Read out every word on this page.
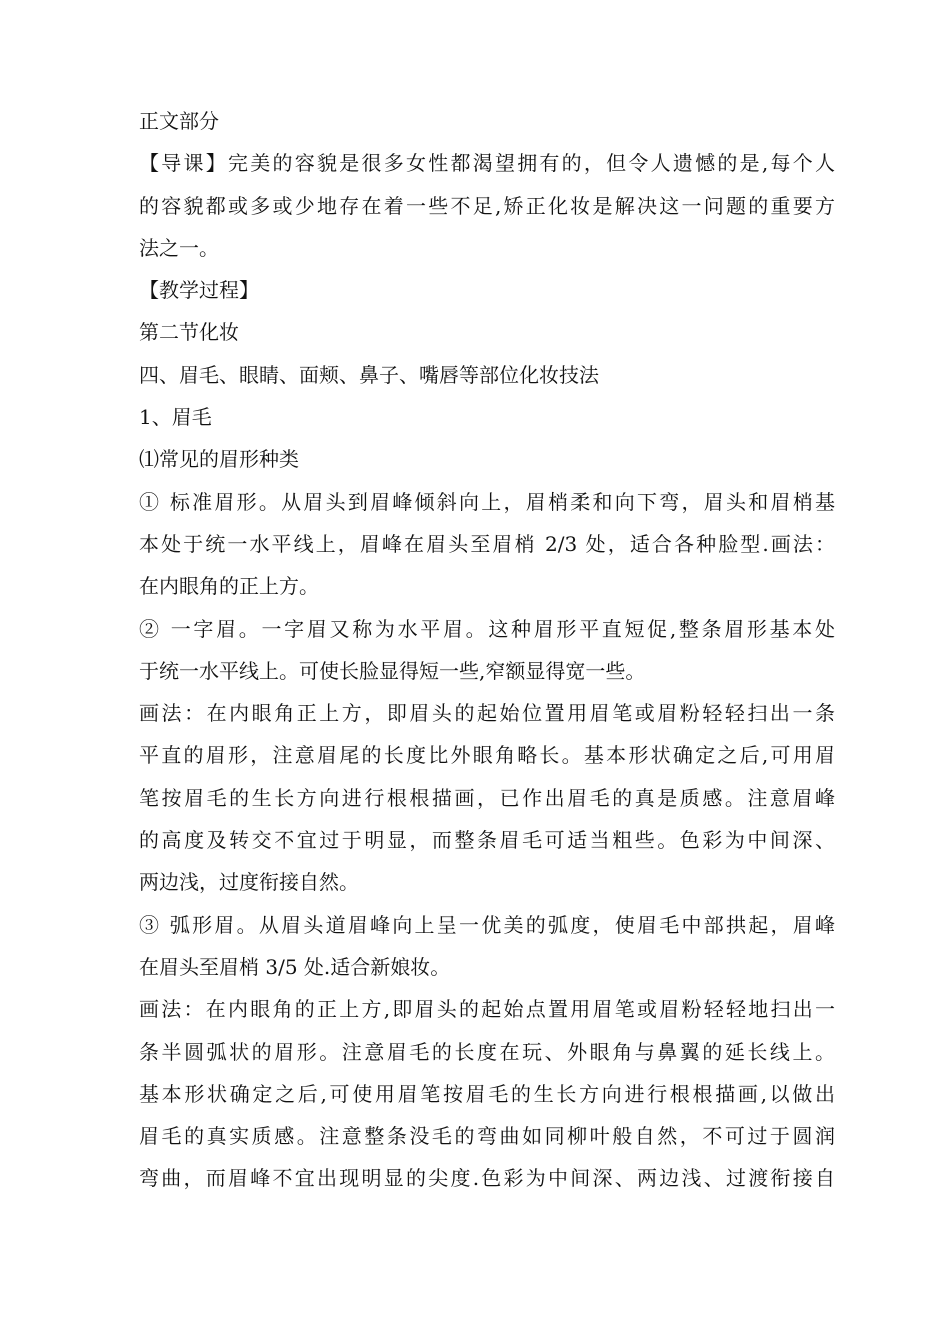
正文部分
【导课】完美的容貌是很多女性都渴望拥有的，但令人遗憾的是,每个人
的容貌都或多或少地存在着一些不足,矫正化妆是解决这一问题的重要方
法之一。
【教学过程】
第二节化妆
四、眉毛、眼睛、面颊、鼻子、嘴唇等部位化妆技法
1、眉毛
⑴常见的眉形种类
① 标准眉形。从眉头到眉峰倾斜向上，眉梢柔和向下弯，眉头和眉梢基
本处于统一水平线上，眉峰在眉头至眉梢 2/3 处，适合各种脸型.画法：
在内眼角的正上方。
② 一字眉。一字眉又称为水平眉。这种眉形平直短促,整条眉形基本处
于统一水平线上。可使长脸显得短一些,窄额显得宽一些。
画法：在内眼角正上方，即眉头的起始位置用眉笔或眉粉轻轻扫出一条
平直的眉形，注意眉尾的长度比外眼角略长。基本形状确定之后,可用眉
笔按眉毛的生长方向进行根根描画，已作出眉毛的真是质感。注意眉峰
的高度及转交不宜过于明显，而整条眉毛可适当粗些。色彩为中间深、
两边浅，过度衔接自然。
③ 弧形眉。从眉头道眉峰向上呈一优美的弧度，使眉毛中部拱起，眉峰
在眉头至眉梢 3/5 处.适合新娘妆。
画法：在内眼角的正上方,即眉头的起始点置用眉笔或眉粉轻轻地扫出一
条半圆弧状的眉形。注意眉毛的长度在玩、外眼角与鼻翼的延长线上。
基本形状确定之后,可使用眉笔按眉毛的生长方向进行根根描画,以做出
眉毛的真实质感。注意整条没毛的弯曲如同柳叶般自然，不可过于圆润
弯曲，而眉峰不宜出现明显的尖度.色彩为中间深、两边浅、过渡衔接自
